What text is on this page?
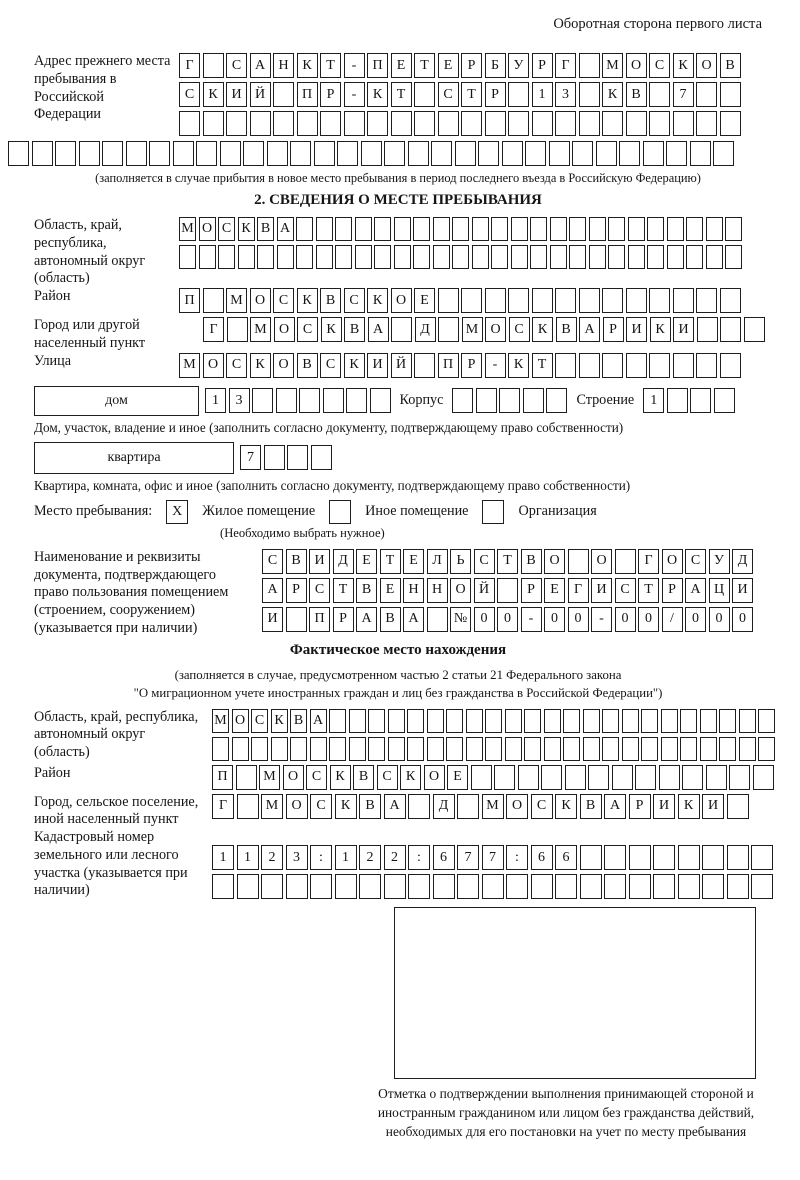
Оборотная сторона первого листа
Адрес прежнего места пребывания в Российской Федерации
Г	С А Н К	Т	-	П	Е	Т	Е	Р	Б	У	Р	Г	М О С	К О В
С	К И Й	П	Р	-	К	Т	С	Т	Р	1	3	К	В	7
(заполняется в случае прибытия в новое место пребывания в период последнего въезда в Российскую Федерацию)
2. СВЕДЕНИЯ О МЕСТЕ ПРЕБЫВАНИЯ
Область, край, республика, автономный округ (область)
М О С К В А
Район	П	М О С	К	В	С	К О	Е
Город или другой населенный пункт
Г	М О С	К	В А	Д	М О С	К	В А	Р	И К И
Улица	М О С	К О В	С	К И Й	П	Р	-	К	Т
дом	1	3	Корпус	Строение	1
Дом, участок, владение и иное (заполнить согласно документу, подтверждающему право собственности)
квартира	7
Квартира, комната, офис и иное (заполнить согласно документу, подтверждающему право собственности)
Место пребывания:	X	Жилое помещение	Иное помещение	Организация
(Необходимо выбрать нужное)
Наименование и реквизиты документа, подтверждающего право пользования помещением (строением, сооружением) (указывается при наличии)
С	В И Д	Е	Т	Е	Л	Ь	С	Т	В О	О	Г	О С У Д
А	Р	С	Т	В	Е	Н Н О Й	Р	Е	Г	И С	Т	Р	А Ц И
И	П	Р	А В А	№ 0	0	-	0	0	-	0	0	/	0	0	0
Фактическое место нахождения
(заполняется в случае, предусмотренном частью 2 статьи 21 Федерального закона
"О миграционном учете иностранных граждан и лиц без гражданства в Российской Федерации")
Область, край, республика, автономный округ (область)
М О С К В А
Район	П	М О С	К	В	С	К О	Е
Город, сельское поселение, иной населенный пункт
Г	М О	С	К	В	А	Д	М О	С	К	В	А	Р	И	К	И
Кадастровый номер земельного или лесного участка (указывается при наличии)
1	1	2	3	:	1	2	2	:	6	7	7	:	6	6
Отметка о подтверждении выполнения принимающей стороной и иностранным гражданином или лицом без гражданства действий, необходимых для его постановки на учет по месту пребывания
